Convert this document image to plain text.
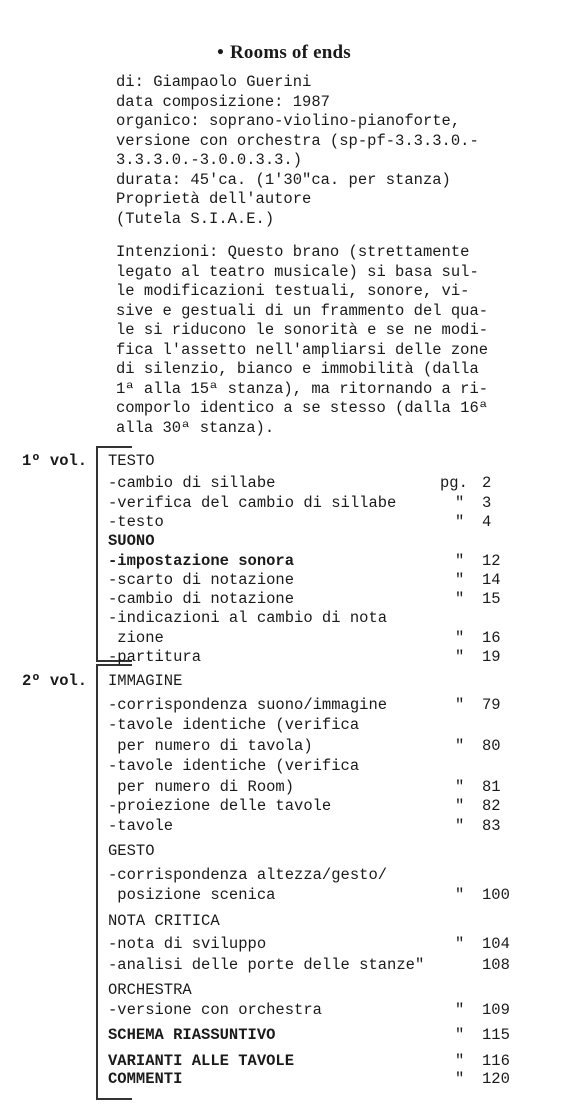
• Rooms of ends
di: Giampaolo Guerini
data composizione: 1987
organico: soprano-violino-pianoforte,
versione con orchestra (sp-pf-3.3.3.0.-
3.3.3.0.-3.0.0.3.3.)
durata: 45'ca. (1'30"ca. per stanza)
Proprietà dell'autore
(Tutela S.I.A.E.)
Intenzioni: Questo brano (strettamente
legato al teatro musicale) si basa sul-
le modificazioni testuali, sonore, vi-
sive e gestuali di un frammento del qua-
le si riducono le sonorità e se ne modi-
fica l'assetto nell'ampliarsi delle zone
di silenzio, bianco e immobilità (dalla
1ª alla 15ª stanza), ma ritornando a ri-
comporlo identico a se stesso (dalla 16ª
alla 30ª stanza).
1º vol.
2º vol.
TESTO
-cambio di sillabe	pg. 2
-verifica del cambio di sillabe	" 3
-testo	" 4
SUONO
-impostazione sonora	" 12
-scarto di notazione	" 14
-cambio di notazione	" 15
-indicazioni al cambio di nota
zione	" 16
-partitura	" 19
IMMAGINE
-corrispondenza suono/immagine	" 79
-tavole identiche (verifica
per numero di tavola)	" 80
-tavole identiche (verifica
per numero di Room)	" 81
-proiezione delle tavole	" 82
-tavole	" 83
GESTO
-corrispondenza altezza/gesto/
posizione scenica	" 100
NOTA CRITICA
-nota di sviluppo	" 104
-analisi delle porte delle stanze"	108
ORCHESTRA
-versione con orchestra	" 109
SCHEMA RIASSUNTIVO	" 115
VARIANTI ALLE TAVOLE	" 116
COMMENTI	" 120
